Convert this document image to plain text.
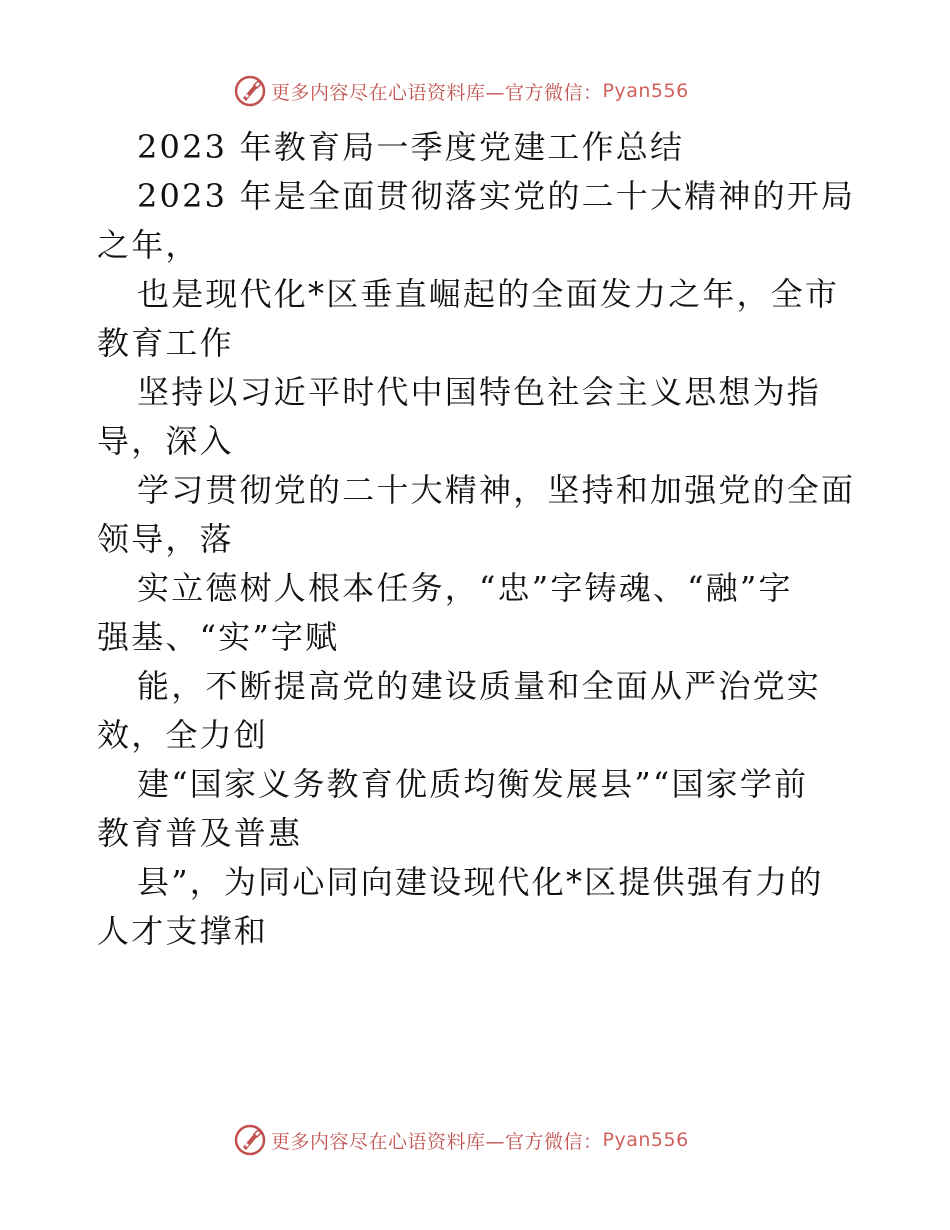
更多内容尽在心语资料库—官方微信： Pyan556
2023 年教育局一季度党建工作总结
2023 年是全面贯彻落实党的二十大精神的开局
之年，
也是现代化*区垂直崛起的全面发力之年，全市
教育工作
坚持以习近平时代中国特色社会主义思想为指
导，深入
学习贯彻党的二十大精神，坚持和加强党的全面
领导，落
实立德树人根本任务，“忠”字铸魂、“融”字
强基、“实”字赋
能，不断提高党的建设质量和全面从严治党实
效，全力创
建“国家义务教育优质均衡发展县”“国家学前
教育普及普惠
县”，为同心同向建设现代化*区提供强有力的
人才支撑和
更多内容尽在心语资料库—官方微信： Pyan556
